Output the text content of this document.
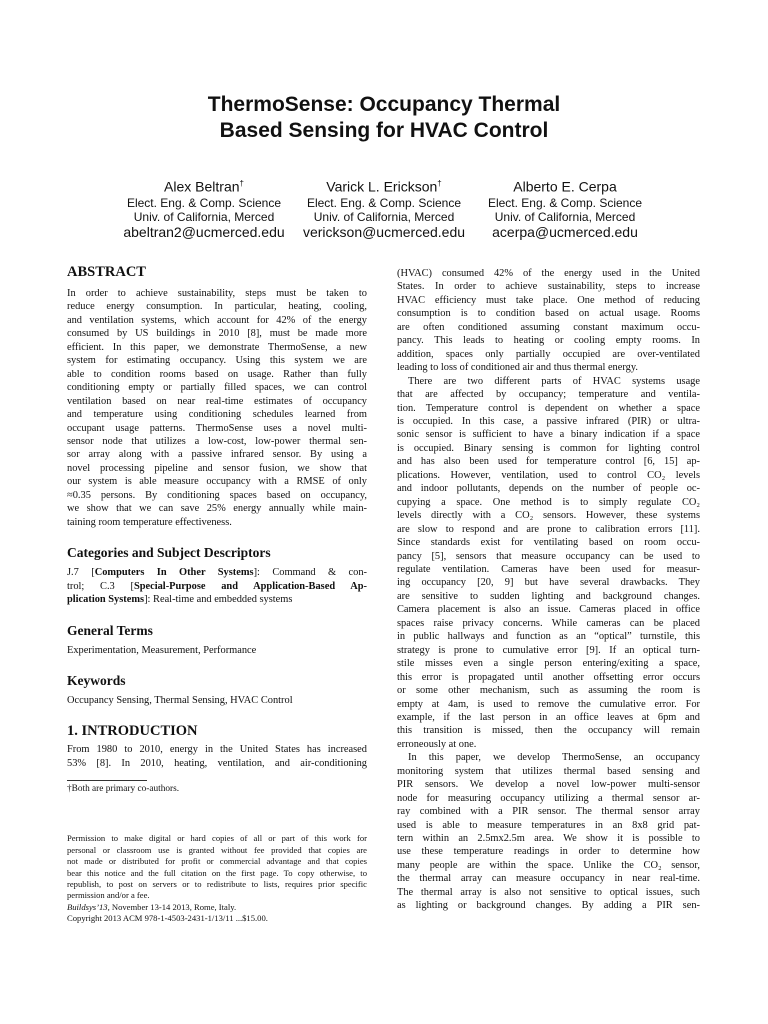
ThermoSense: Occupancy Thermal
Based Sensing for HVAC Control
Alex Beltran†
Elect. Eng. & Comp. Science
Univ. of California, Merced
abeltran2@ucmerced.edu
Varick L. Erickson†
Elect. Eng. & Comp. Science
Univ. of California, Merced
verickson@ucmerced.edu
Alberto E. Cerpa
Elect. Eng. & Comp. Science
Univ. of California, Merced
acerpa@ucmerced.edu
ABSTRACT
In order to achieve sustainability, steps must be taken to
reduce energy consumption. In particular, heating, cooling,
and ventilation systems, which account for 42% of the energy
consumed by US buildings in 2010 [8], must be made more
efficient. In this paper, we demonstrate ThermoSense, a new
system for estimating occupancy. Using this system we are
able to condition rooms based on usage. Rather than fully
conditioning empty or partially filled spaces, we can control
ventilation based on near real-time estimates of occupancy
and temperature using conditioning schedules learned from
occupant usage patterns. ThermoSense uses a novel multi-
sensor node that utilizes a low-cost, low-power thermal sen-
sor array along with a passive infrared sensor. By using a
novel processing pipeline and sensor fusion, we show that
our system is able measure occupancy with a RMSE of only
≈0.35 persons. By conditioning spaces based on occupancy,
we show that we can save 25% energy annually while main-
taining room temperature effectiveness.
Categories and Subject Descriptors
J.7 [Computers In Other Systems]: Command & con-
trol; C.3 [Special-Purpose and Application-Based Ap-
plication Systems]: Real-time and embedded systems
General Terms
Experimentation, Measurement, Performance
Keywords
Occupancy Sensing, Thermal Sensing, HVAC Control
1. INTRODUCTION
From 1980 to 2010, energy in the United States has increased
53% [8]. In 2010, heating, ventilation, and air-conditioning
†Both are primary co-authors.
Permission to make digital or hard copies of all or part of this work for
personal or classroom use is granted without fee provided that copies are
not made or distributed for profit or commercial advantage and that copies
bear this notice and the full citation on the first page. To copy otherwise, to
republish, to post on servers or to redistribute to lists, requires prior specific
permission and/or a fee.
Buildsys’13, November 13-14 2013, Rome, Italy.
Copyright 2013 ACM 978-1-4503-2431-1/13/11 ...$15.00.
(HVAC) consumed 42% of the energy used in the United
States. In order to achieve sustainability, steps to increase
HVAC efficiency must take place. One method of reducing
consumption is to condition based on actual usage. Rooms
are often conditioned assuming constant maximum occu-
pancy. This leads to heating or cooling empty rooms. In
addition, spaces only partially occupied are over-ventilated
leading to loss of conditioned air and thus thermal energy.
There are two different parts of HVAC systems usage
that are affected by occupancy; temperature and ventila-
tion. Temperature control is dependent on whether a space
is occupied. In this case, a passive infrared (PIR) or ultra-
sonic sensor is sufficient to have a binary indication if a space
is occupied. Binary sensing is common for lighting control
and has also been used for temperature control [6, 15] ap-
plications. However, ventilation, used to control CO₂ levels
and indoor pollutants, depends on the number of people oc-
cupying a space. One method is to simply regulate CO₂
levels directly with a CO₂ sensors. However, these systems
are slow to respond and are prone to calibration errors [11].
Since standards exist for ventilating based on room occu-
pancy [5], sensors that measure occupancy can be used to
regulate ventilation. Cameras have been used for measur-
ing occupancy [20, 9] but have several drawbacks. They
are sensitive to sudden lighting and background changes.
Camera placement is also an issue. Cameras placed in office
spaces raise privacy concerns. While cameras can be placed
in public hallways and function as an “optical” turnstile, this
strategy is prone to cumulative error [9]. If an optical turn-
stile misses even a single person entering/exiting a space,
this error is propagated until another offsetting error occurs
or some other mechanism, such as assuming the room is
empty at 4am, is used to remove the cumulative error. For
example, if the last person in an office leaves at 6pm and
this transition is missed, then the occupancy will remain
erroneously at one.
In this paper, we develop ThermoSense, an occupancy
monitoring system that utilizes thermal based sensing and
PIR sensors. We develop a novel low-power multi-sensor
node for measuring occupancy utilizing a thermal sensor ar-
ray combined with a PIR sensor. The thermal sensor array
used is able to measure temperatures in an 8x8 grid pat-
tern within an 2.5mx2.5m area. We show it is possible to
use these temperature readings in order to determine how
many people are within the space. Unlike the CO₂ sensor,
the thermal array can measure occupancy in near real-time.
The thermal array is also not sensitive to optical issues, such
as lighting or background changes. By adding a PIR sen-
